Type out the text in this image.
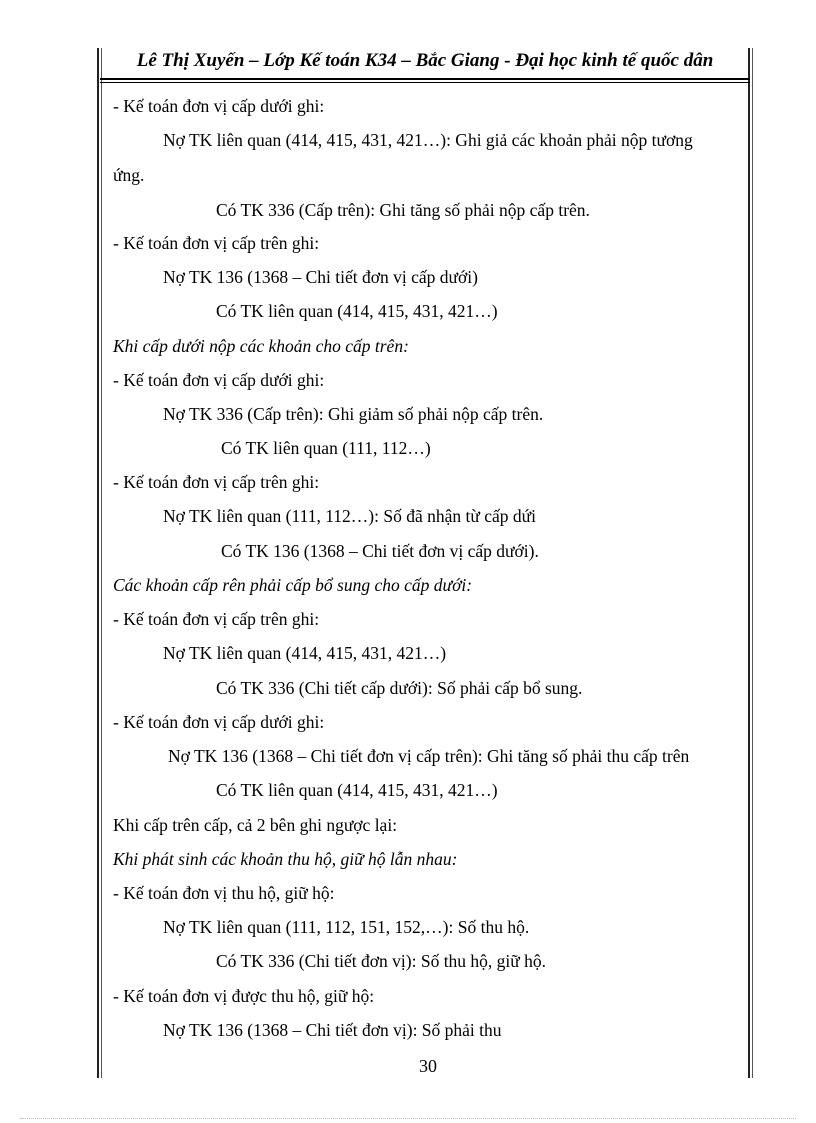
Lê Thị Xuyến – Lớp Kế toán K34 – Bắc Giang - Đại học kinh tế quốc dân
- Kế toán đơn vị cấp dưới ghi:
Nợ TK liên quan (414, 415, 431, 421…): Ghi giả các khoản phải nộp tương
ứng.
Có TK 336 (Cấp trên): Ghi tăng số phải nộp cấp trên.
- Kế toán đơn vị cấp trên ghi:
Nợ TK 136 (1368 – Chi tiết đơn vị cấp dưới)
Có TK liên quan (414, 415, 431, 421…)
Khi cấp dưới nộp các khoản cho cấp trên:
- Kế toán đơn vị cấp dưới ghi:
Nợ TK 336 (Cấp trên): Ghi giảm số phải nộp cấp trên.
Có TK liên quan (111, 112…)
- Kế toán đơn vị cấp trên ghi:
Nợ TK liên quan (111, 112…): Số đã nhận từ cấp dứi
Có TK 136 (1368 – Chi tiết đơn vị cấp dưới).
Các khoản cấp rên phải cấp bổ sung cho cấp dưới:
- Kế toán đơn vị cấp trên ghi:
Nợ TK liên quan (414, 415, 431, 421…)
Có TK 336 (Chi tiết cấp dưới): Số phải cấp bổ sung.
- Kế toán đơn vị cấp dưới ghi:
Nợ TK 136 (1368 – Chi tiết đơn vị cấp trên): Ghi tăng số phải thu cấp trên
Có TK liên quan (414, 415, 431, 421…)
Khi cấp trên cấp, cả 2 bên ghi ngược lại:
Khi phát sinh các khoản thu hộ, giữ hộ lẫn nhau:
- Kế toán đơn vị thu hộ, giữ hộ:
Nợ TK liên quan (111, 112, 151, 152,…): Số thu hộ.
Có TK 336 (Chi tiết đơn vị): Số thu hộ, giữ hộ.
- Kế toán đơn vị được thu hộ, giữ hộ:
Nợ TK 136 (1368 – Chi tiết đơn vị): Số phải thu
30
